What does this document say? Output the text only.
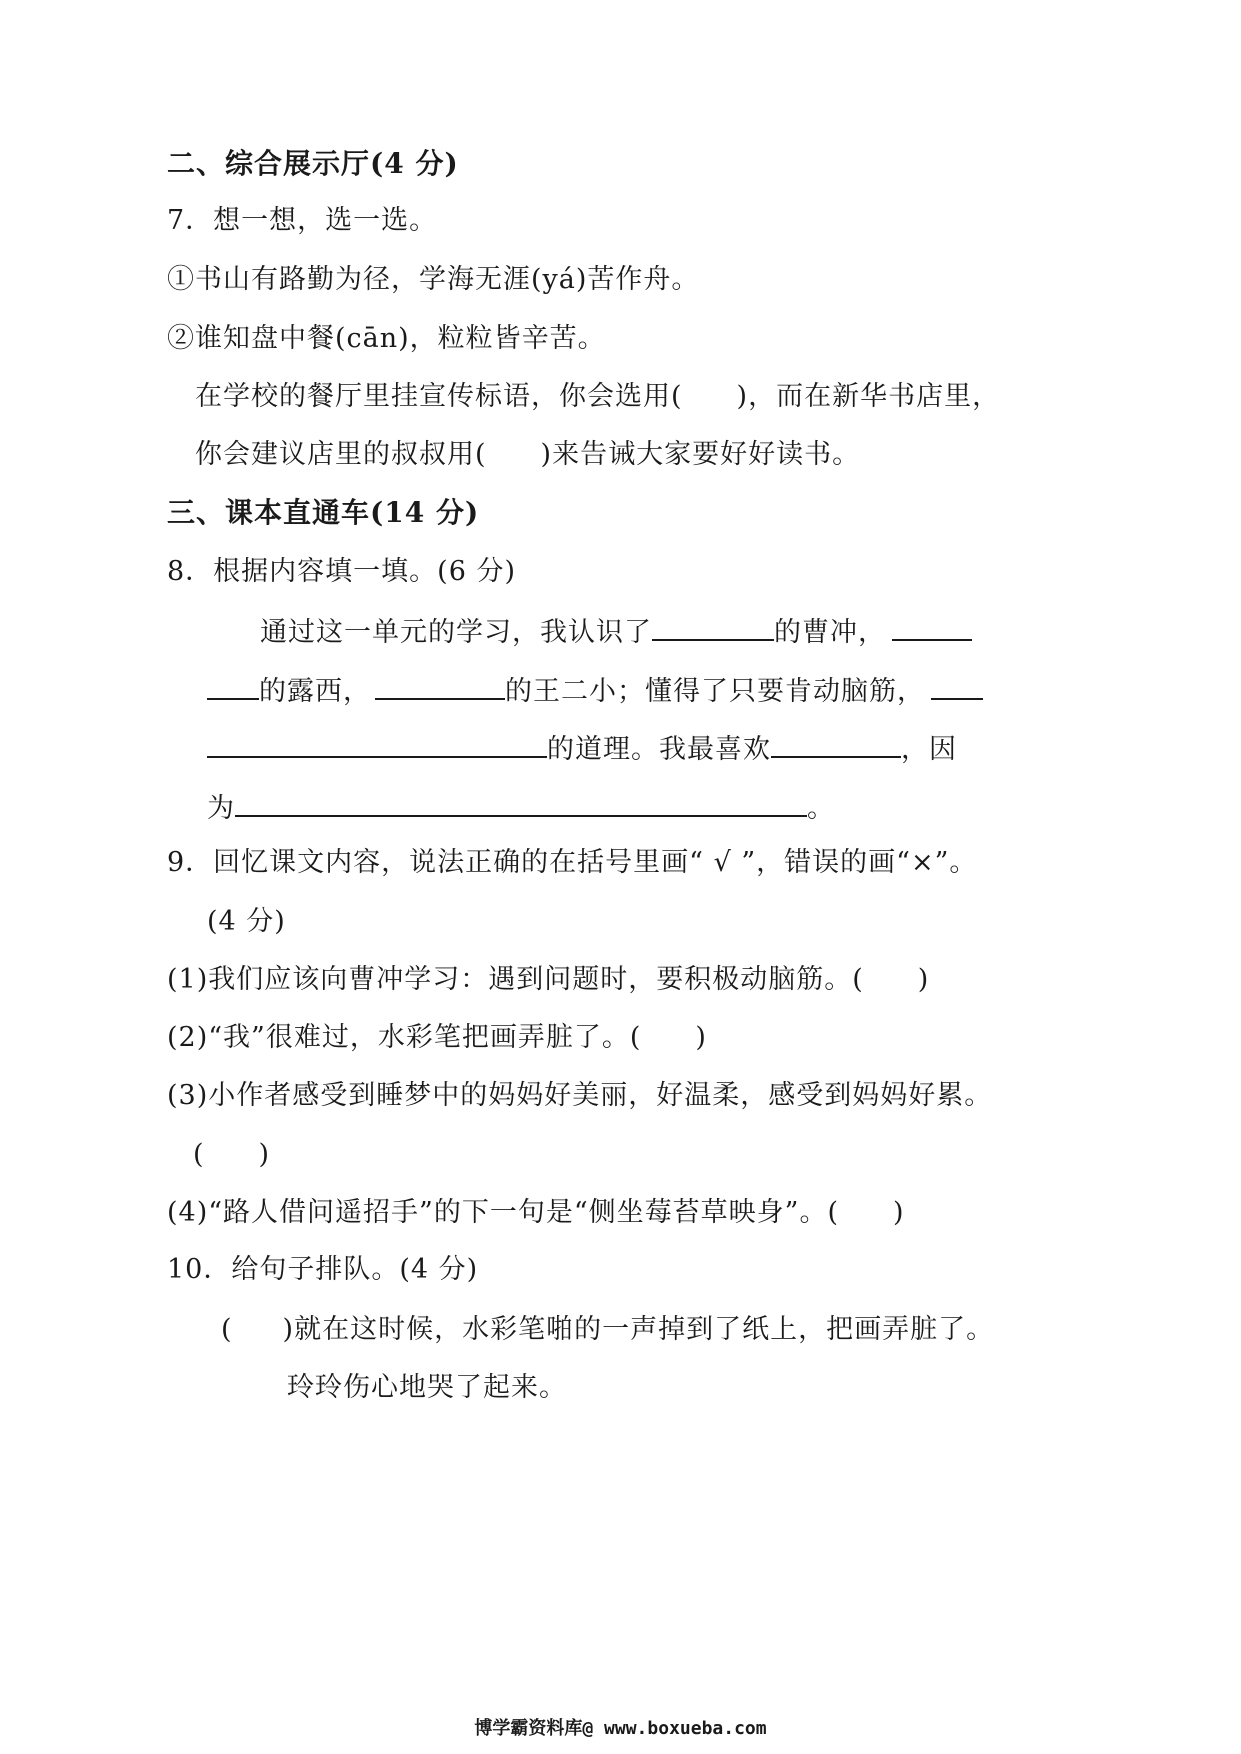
二、综合展示厅(4 分)
7．想一想，选一选。
①书山有路勤为径，学海无涯(yá)苦作舟。
②谁知盘中餐(cān)，粒粒皆辛苦。
在学校的餐厅里挂宣传标语，你会选用( )，而在新华书店里，
你会建议店里的叔叔用( )来告诫大家要好好读书。
三、课本直通车(14 分)
8．根据内容填一填。(6 分)
通过这一单元的学习，我认识了	的曹冲，
的露西，	的王二小；懂得了只要肯动脑筋，
的道理。我最喜欢	，因
为	。
9．回忆课文内容，说法正确的在括号里画“ √ ”，错误的画“×”。
(4 分)
(1)我们应该向曹冲学习：遇到问题时，要积极动脑筋。( )
(2)“我”很难过，水彩笔把画弄脏了。( )
(3)小作者感受到睡梦中的妈妈好美丽，好温柔，感受到妈妈好累。
( )
(4)“路人借问遥招手”的下一句是“侧坐莓苔草映身”。( )
10．给句子排队。(4 分)
( )就在这时候，水彩笔啪的一声掉到了纸上，把画弄脏了。
玲玲伤心地哭了起来。
博学霸资料库@ www.boxueba.com
